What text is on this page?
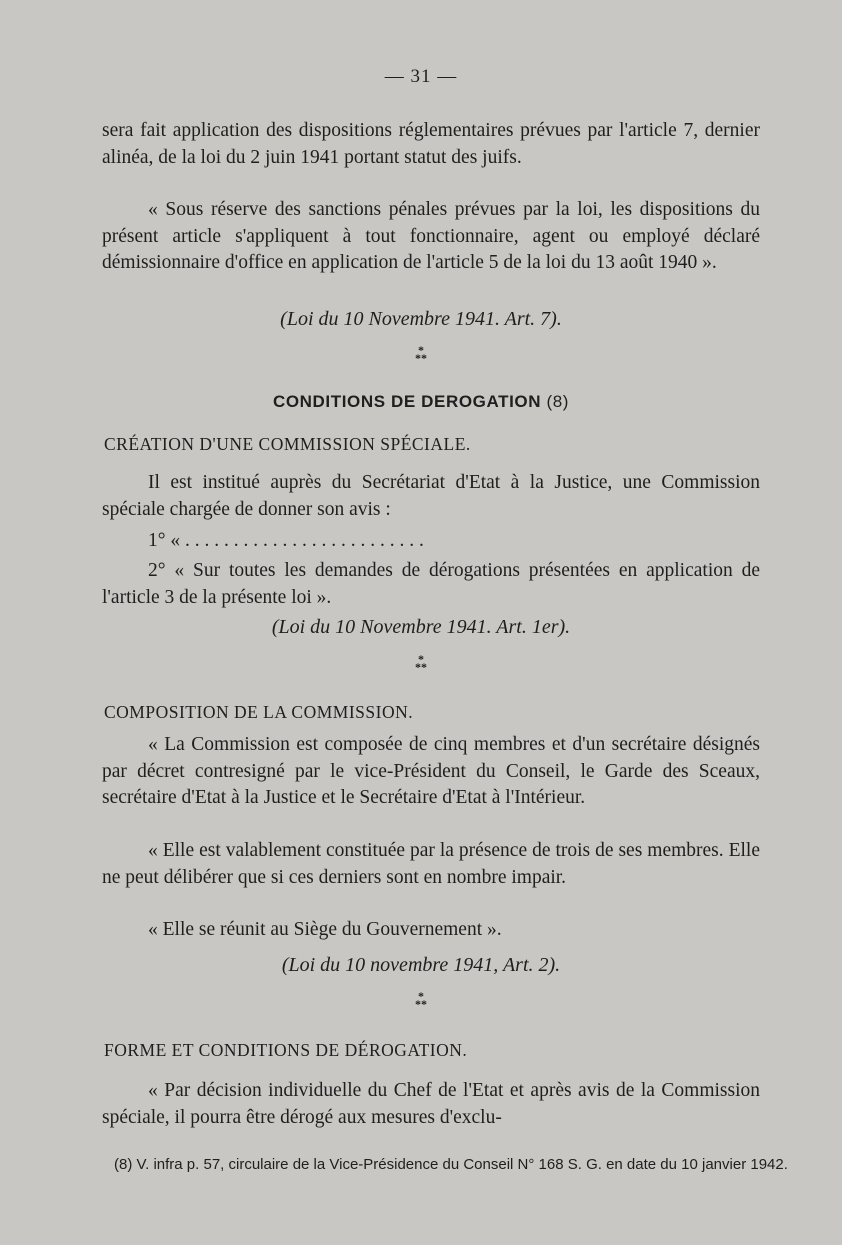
— 31 —

sera fait application des dispositions réglementaires prévues par l'article 7, dernier alinéa, de la loi du 2 juin 1941 portant statut des juifs.

« Sous réserve des sanctions pénales prévues par la loi, les dispositions du présent article s'appliquent à tout fonctionnaire, agent ou employé déclaré démissionnaire d'office en application de l'article 5 de la loi du 13 août 1940 ».

(Loi du 10 Novembre 1941. Art. 7).
*
**
CONDITIONS DE DEROGATION (8)
CRÉATION D'UNE COMMISSION SPÉCIALE.

Il est institué auprès du Secrétariat d'Etat à la Justice, une Commission spéciale chargée de donner son avis :

1° « . . . . . . . . . . . . . . . . . . . . . . . . .

2° « Sur toutes les demandes de dérogations présentées en application de l'article 3 de la présente loi ».

(Loi du 10 Novembre 1941. Art. 1er).
*
**
COMPOSITION DE LA COMMISSION.

« La Commission est composée de cinq membres et d'un secrétaire désignés par décret contresigné par le vice-Président du Conseil, le Garde des Sceaux, secrétaire d'Etat à la Justice et le Secrétaire d'Etat à l'Intérieur.

« Elle est valablement constituée par la présence de trois de ses membres. Elle ne peut délibérer que si ces derniers sont en nombre impair.

« Elle se réunit au Siège du Gouvernement ».

(Loi du 10 novembre 1941, Art. 2).
*
**
FORME ET CONDITIONS DE DÉROGATION.

« Par décision individuelle du Chef de l'Etat et après avis de la Commission spéciale, il pourra être dérogé aux mesures d'exclu-

(8) V. infra p. 57, circulaire de la Vice-Présidence du Conseil N° 168 S. G. en date du 10 janvier 1942.
